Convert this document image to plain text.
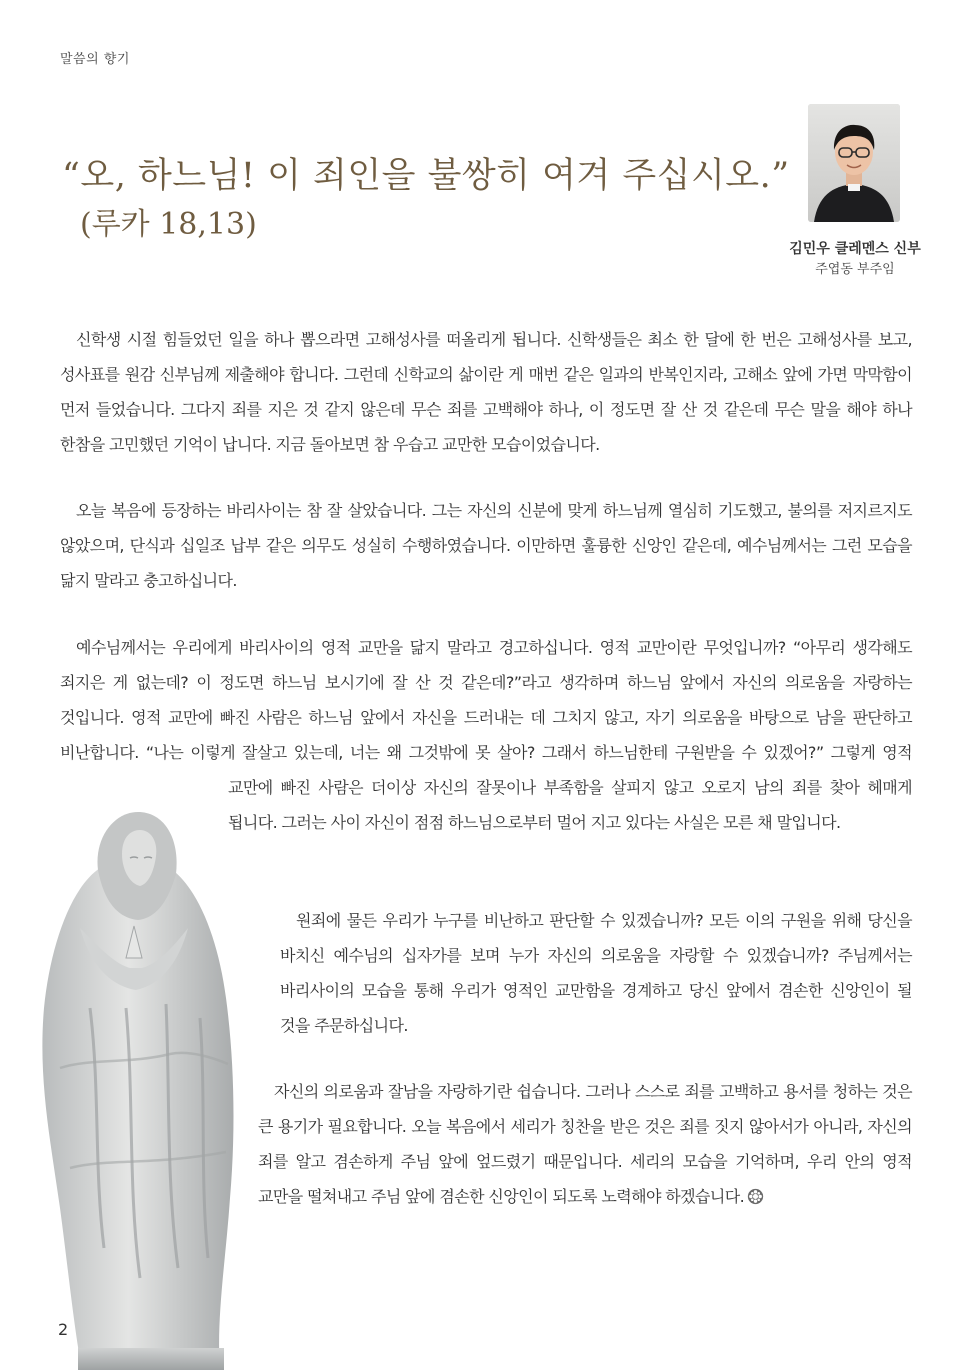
말씀의 향기
“오, 하느님! 이 죄인을 불쌍히 여겨 주십시오.”
(루카 18,13)
김민우 클레멘스 신부
주엽동 부주임

신학생 시절 힘들었던 일을 하나 뽑으라면 고해성사를 떠올리게 됩니다. 신학생들은 최소 한 달에 한 번은 고해성사를 보고, 성사표를 원감 신부님께 제출해야 합니다. 그런데 신학교의 삶이란 게 매번 같은 일과의 반복인지라, 고해소 앞에 가면 막막함이 먼저 들었습니다. 그다지 죄를 지은 것 같지 않은데 무슨 죄를 고백해야 하나, 이 정도면 잘 산 것 같은데 무슨 말을 해야 하나 한참을 고민했던 기억이 납니다. 지금 돌아보면 참 우습고 교만한 모습이었습니다.

오늘 복음에 등장하는 바리사이는 참 잘 살았습니다. 그는 자신의 신분에 맞게 하느님께 열심히 기도했고, 불의를 저지르지도 않았으며, 단식과 십일조 납부 같은 의무도 성실히 수행하였습니다. 이만하면 훌륭한 신앙인 같은데, 예수님께서는 그런 모습을 닮지 말라고 충고하십니다.

예수님께서는 우리에게 바리사이의 영적 교만을 닮지 말라고 경고하십니다. 영적 교만이란 무엇입니까? “아무리 생각해도 죄지은 게 없는데? 이 정도면 하느님 보시기에 잘 산 것 같은데?”라고 생각하며 하느님 앞에서 자신의 의로움을 자랑하는 것입니다. 영적 교만에 빠진 사람은 하느님 앞에서 자신을 드러내는 데 그치지 않고, 자기 의로움을 바탕으로 남을 판단하고 비난합니다. “나는 이렇게 잘살고 있는데, 너는 왜 그것밖에 못 살아? 그래서 하느님한테 구원받을 수 있겠어?” 그렇게 영적 교만에 빠진 사람은 더이상 자신의 잘못이나 부족함을 살피지 않고 오로지 남의 죄를 찾아 헤매게 됩니다. 그러는 사이 자신이 점점 하느님으로부터 멀어 지고 있다는 사실은 모른 채 말입니다.

원죄에 물든 우리가 누구를 비난하고 판단할 수 있겠습니까? 모든 이의 구원을 위해 당신을 바치신 예수님의 십자가를 보며 누가 자신의 의로움을 자랑할 수 있겠습니까? 주님께서는 바리사이의 모습을 통해 우리가 영적인 교만함을 경계하고 당신 앞에서 겸손한 신앙인이 될 것을 주문하십니다.

자신의 의로움과 잘남을 자랑하기란 쉽습니다. 그러나 스스로 죄를 고백하고 용서를 청하는 것은 큰 용기가 필요합니다. 오늘 복음에서 세리가 칭찬을 받은 것은 죄를 짓지 않아서가 아니라, 자신의 죄를 알고 겸손하게 주님 앞에 엎드렸기 때문입니다. 세리의 모습을 기억하며, 우리 안의 영적 교만을 떨쳐내고 주님 앞에 겸손한 신앙인이 되도록 노력해야 하겠습니다.

2
